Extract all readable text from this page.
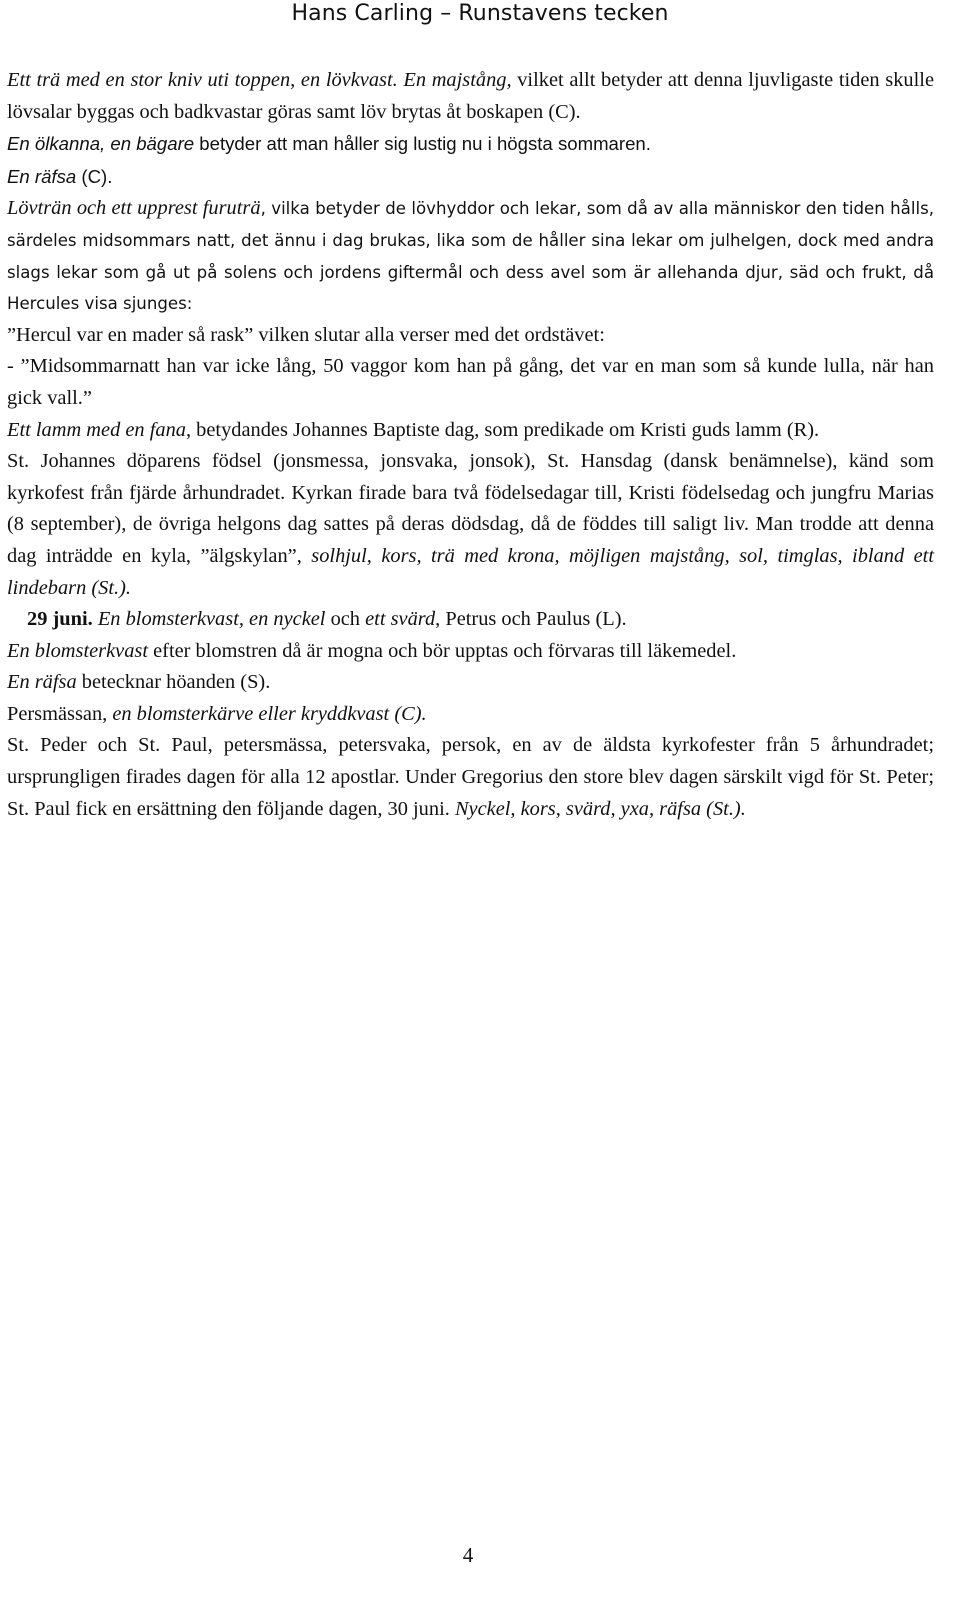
Hans Carling – Runstavens tecken

Ett trä med en stor kniv uti toppen, en lövkvast. En majstång, vilket allt betyder att denna ljuvligaste tiden skulle lövsalar byggas och badkvastar göras samt löv brytas åt boskapen (C).

En ölkanna, en bägare betyder att man håller sig lustig nu i högsta sommaren.

En räfsa (C).

Lövträn och ett upprest furuträ, vilka betyder de lövhyddor och lekar, som då av alla människor den tiden hålls, särdeles midsommars natt, det ännu i dag brukas, lika som de håller sina lekar om julhelgen, dock med andra slags lekar som gå ut på solens och jordens giftermål och dess avel som är allehanda djur, säd och frukt, då Hercules visa sjunges:

”Hercul var en mader så rask” vilken slutar alla verser med det ordstävet:

- ”Midsommarnatt han var icke lång, 50 vaggor kom han på gång, det var en man som så kunde lulla, när han gick vall.”

Ett lamm med en fana, betydandes Johannes Baptiste dag, som predikade om Kristi guds lamm (R).

St. Johannes döparens födsel (jonsmessa, jonsvaka, jonsok), St. Hansdag (dansk benämnelse), känd som kyrkofest från fjärde århundradet. Kyrkan firade bara två födelsedagar till, Kristi födelsedag och jungfru Marias (8 september), de övriga helgons dag sattes på deras dödsdag, då de föddes till saligt liv. Man trodde att denna dag inträdde en kyla, ”älgskylan”, solhjul, kors, trä med krona, möjligen majstång, sol, timglas, ibland ett lindebarn (St.).

29 juni. En blomsterkvast, en nyckel och ett svärd, Petrus och Paulus (L).

En blomsterkvast efter blomstren då är mogna och bör upptas och förvaras till läkemedel.

En räfsa betecknar höanden (S).

Persmässan, en blomsterkärve eller kryddkvast (C).

St. Peder och St. Paul, petersmässa, petersvaka, persok, en av de äldsta kyrkofester från 5 århundradet; ursprungligen firades dagen för alla 12 apostlar. Under Gregorius den store blev dagen särskilt vigd för St. Peter; St. Paul fick en ersättning den följande dagen, 30 juni. Nyckel, kors, svärd, yxa, räfsa (St.).

4
